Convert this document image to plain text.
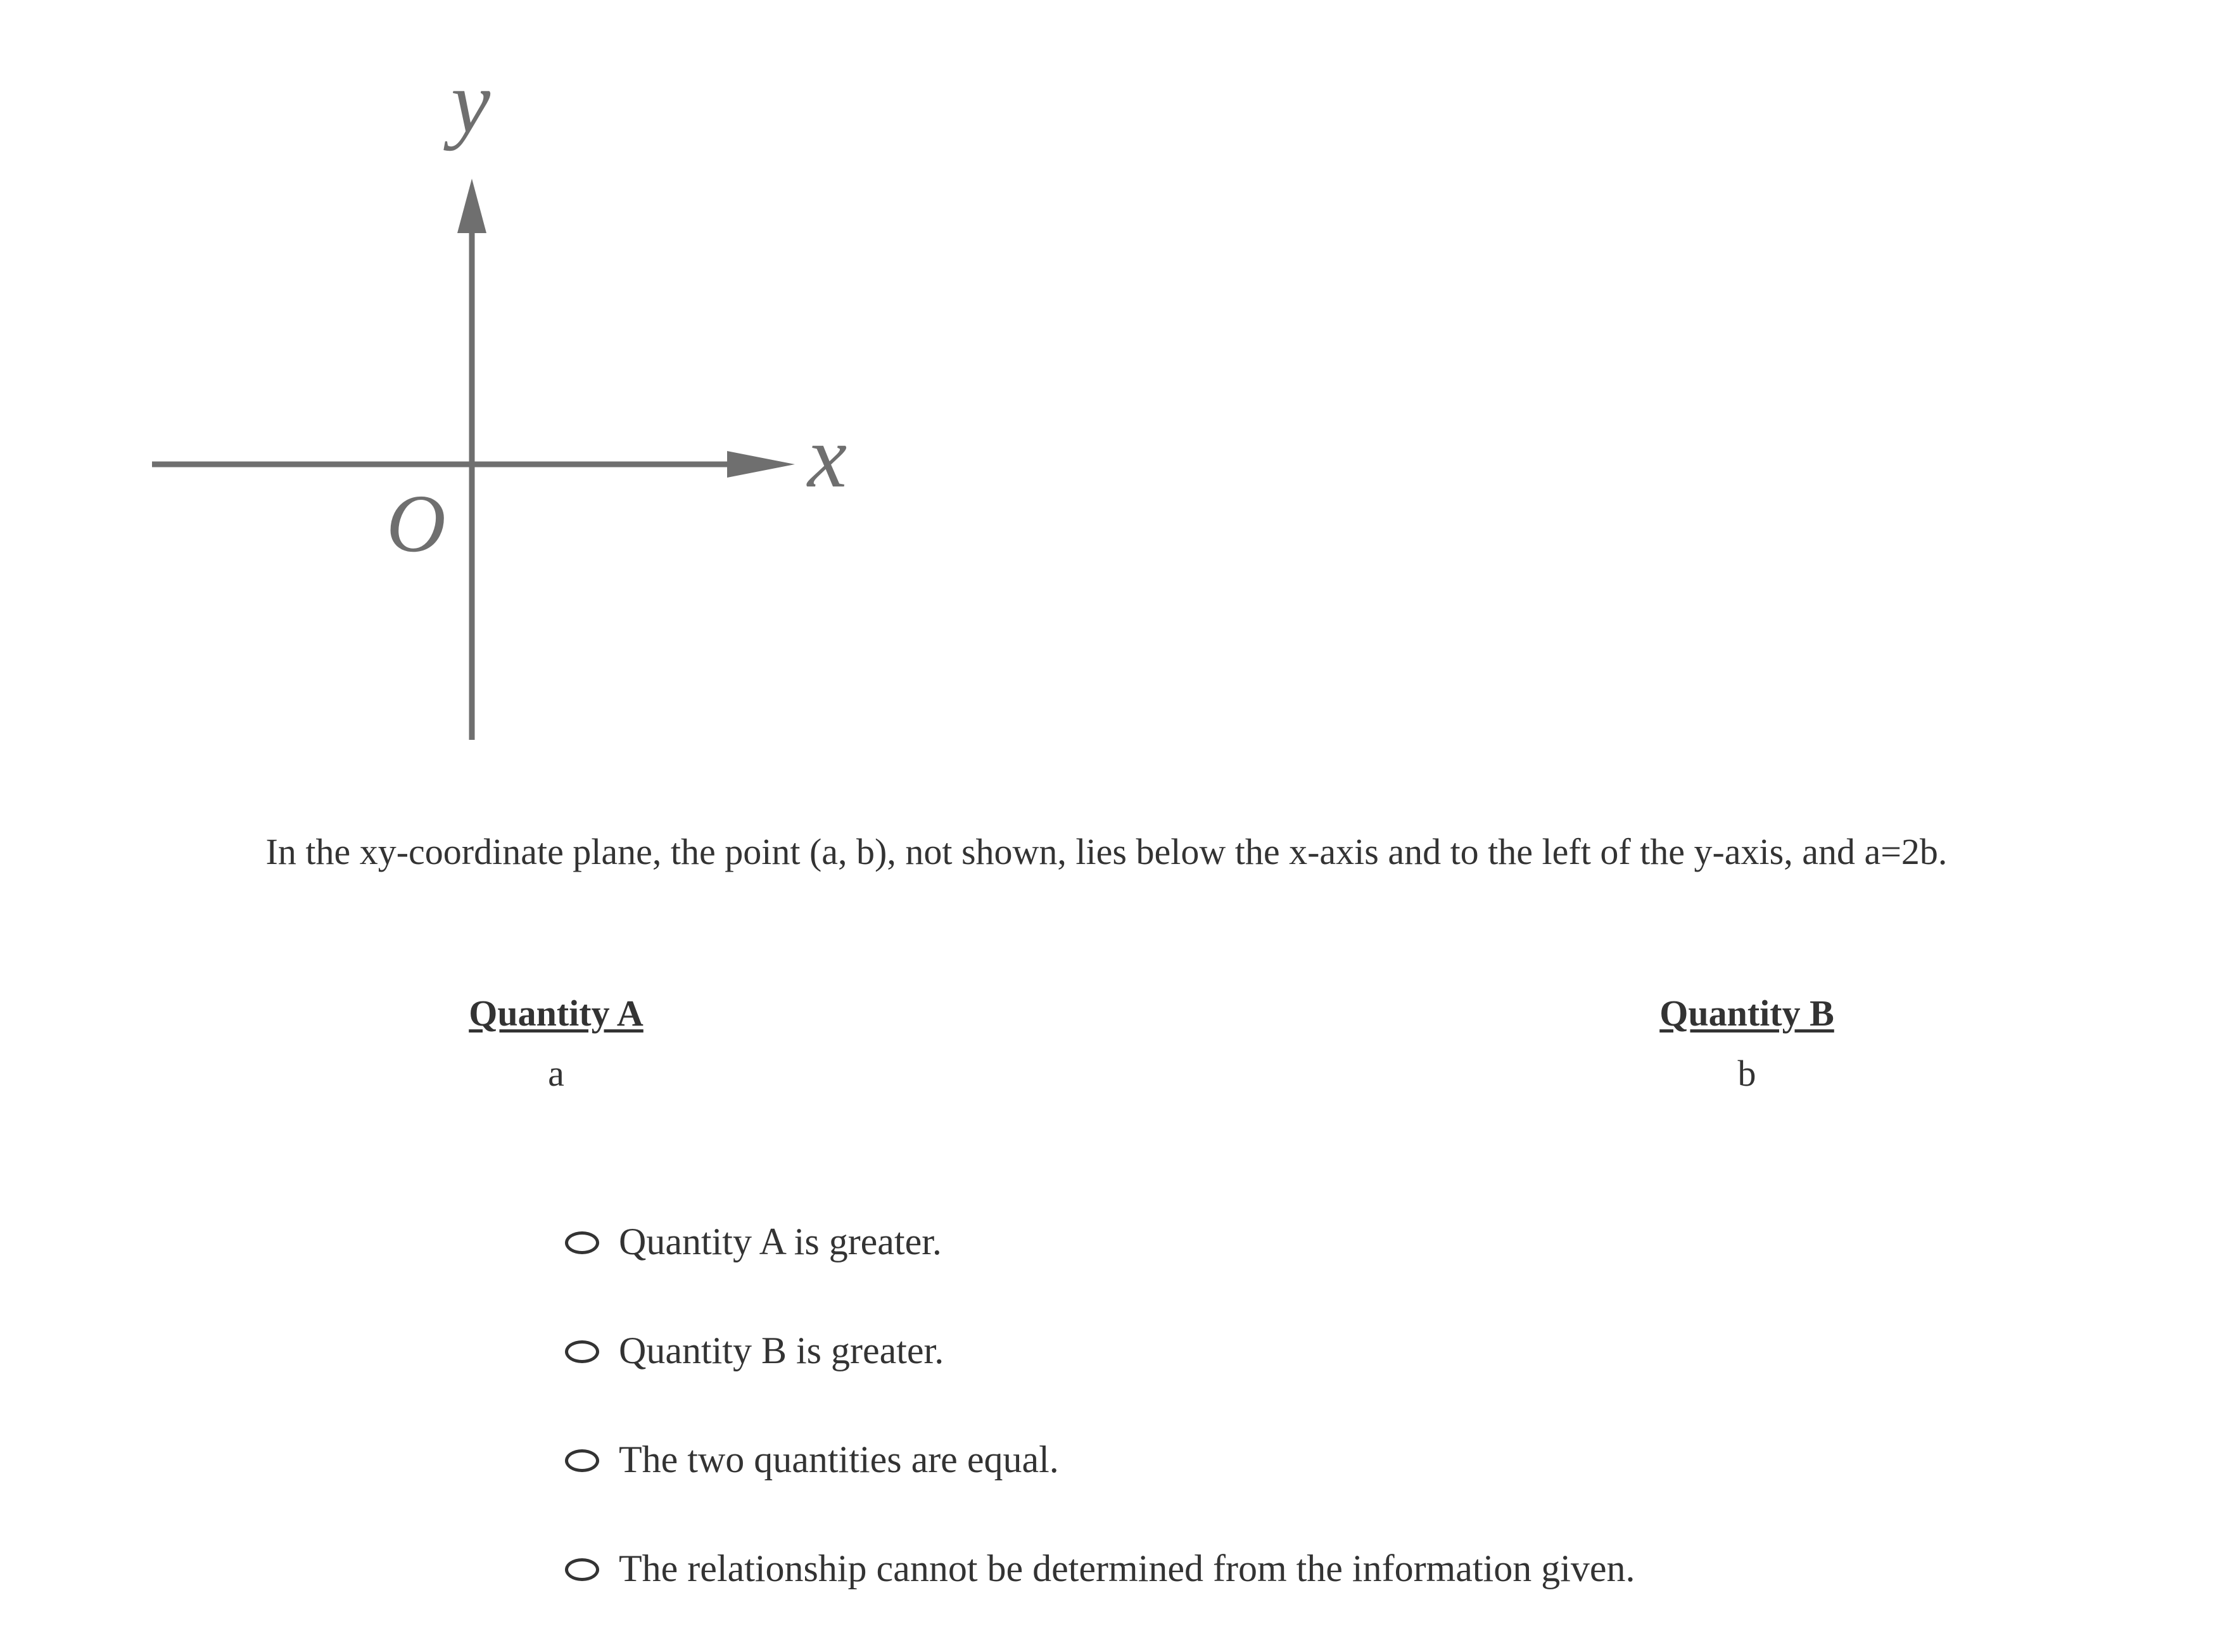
y
x
O
In the xy-coordinate plane, the point (a, b), not shown, lies below the x-axis and to the left of the y-axis, and a=2b.
Quantity A
a
Quantity B
b
Quantity A is greater.
Quantity B is greater.
The two quantities are equal.
The relationship cannot be determined from the information given.
